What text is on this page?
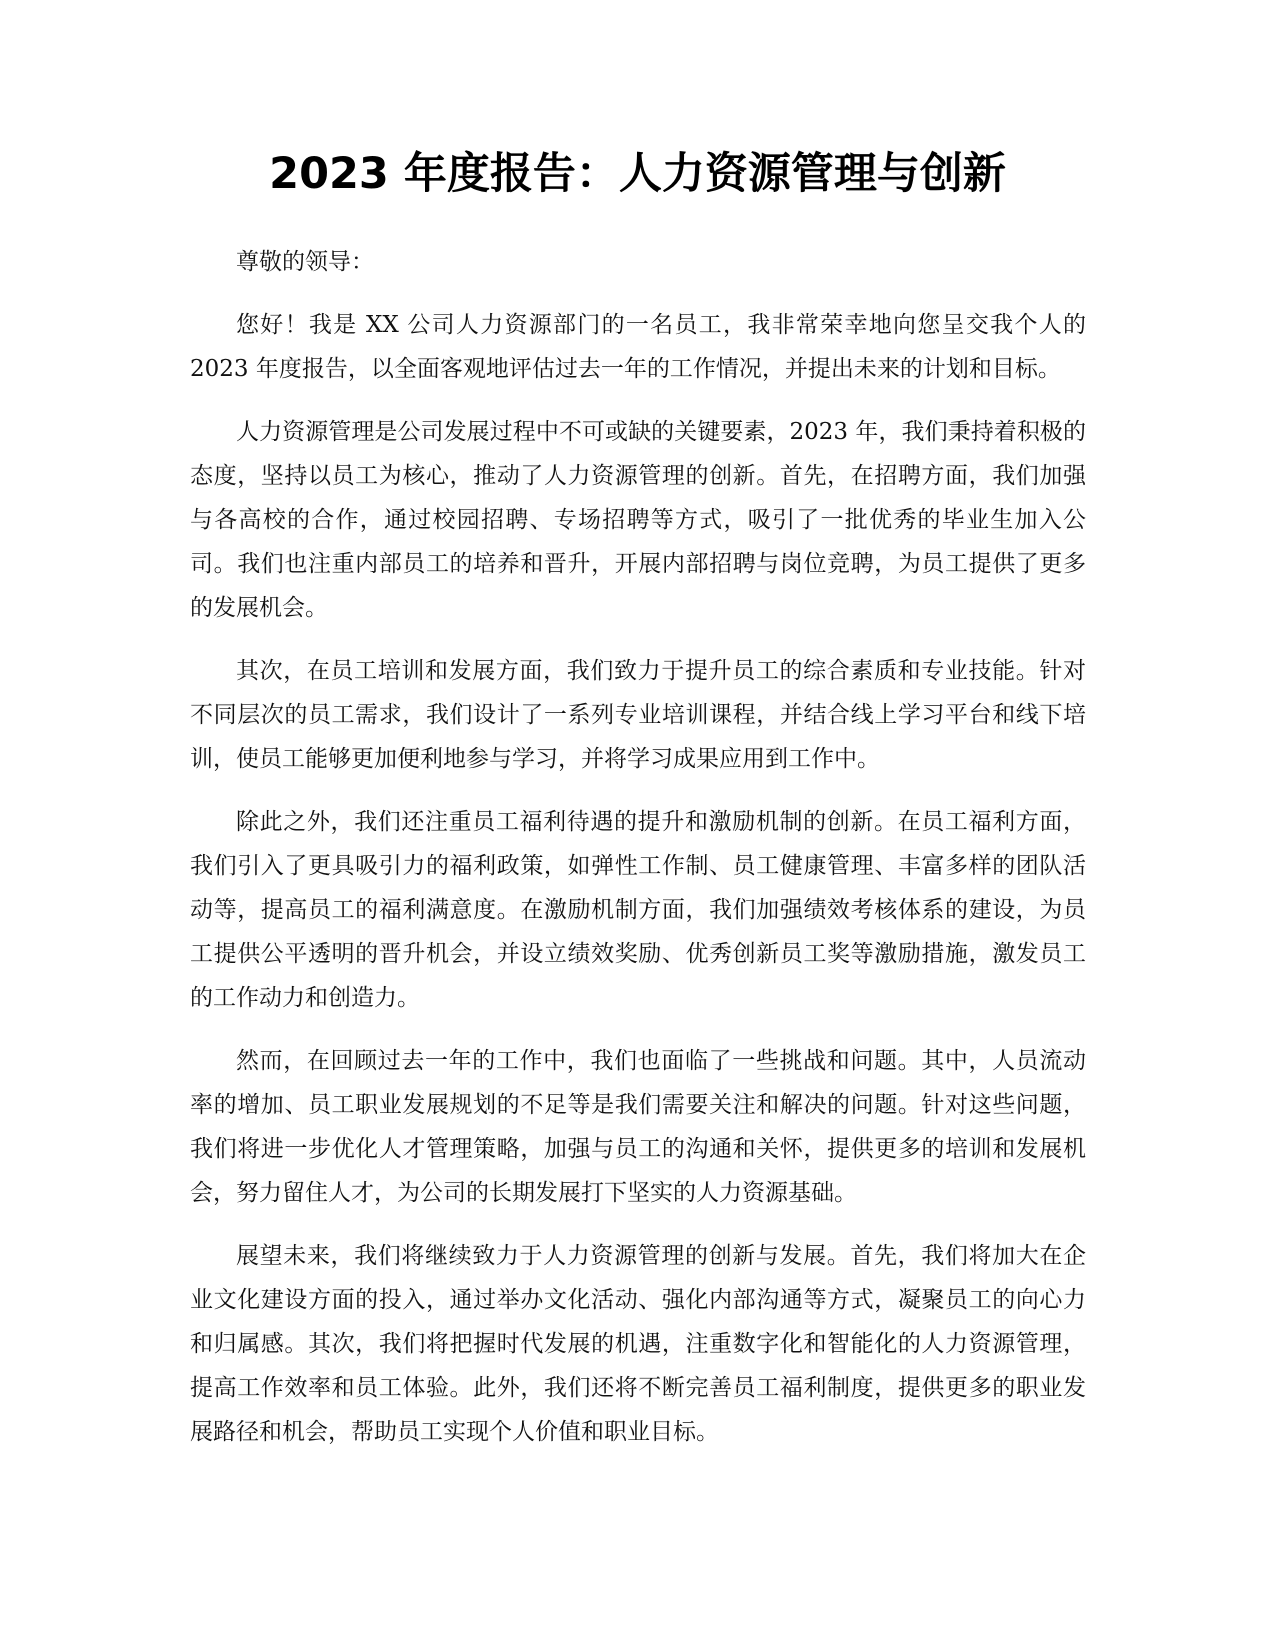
2023 年度报告：人力资源管理与创新

尊敬的领导：

您好！我是 XX 公司人力资源部门的一名员工，我非常荣幸地向您呈交我个人的 2023 年度报告，以全面客观地评估过去一年的工作情况，并提出未来的计划和目标。

人力资源管理是公司发展过程中不可或缺的关键要素，2023 年，我们秉持着积极的态度，坚持以员工为核心，推动了人力资源管理的创新。首先，在招聘方面，我们加强与各高校的合作，通过校园招聘、专场招聘等方式，吸引了一批优秀的毕业生加入公司。我们也注重内部员工的培养和晋升，开展内部招聘与岗位竞聘，为员工提供了更多的发展机会。

其次，在员工培训和发展方面，我们致力于提升员工的综合素质和专业技能。针对不同层次的员工需求，我们设计了一系列专业培训课程，并结合线上学习平台和线下培训，使员工能够更加便利地参与学习，并将学习成果应用到工作中。

除此之外，我们还注重员工福利待遇的提升和激励机制的创新。在员工福利方面，我们引入了更具吸引力的福利政策，如弹性工作制、员工健康管理、丰富多样的团队活动等，提高员工的福利满意度。在激励机制方面，我们加强绩效考核体系的建设，为员工提供公平透明的晋升机会，并设立绩效奖励、优秀创新员工奖等激励措施，激发员工的工作动力和创造力。

然而，在回顾过去一年的工作中，我们也面临了一些挑战和问题。其中，人员流动率的增加、员工职业发展规划的不足等是我们需要关注和解决的问题。针对这些问题，我们将进一步优化人才管理策略，加强与员工的沟通和关怀，提供更多的培训和发展机会，努力留住人才，为公司的长期发展打下坚实的人力资源基础。

展望未来，我们将继续致力于人力资源管理的创新与发展。首先，我们将加大在企业文化建设方面的投入，通过举办文化活动、强化内部沟通等方式，凝聚员工的向心力和归属感。其次，我们将把握时代发展的机遇，注重数字化和智能化的人力资源管理，提高工作效率和员工体验。此外，我们还将不断完善员工福利制度，提供更多的职业发展路径和机会，帮助员工实现个人价值和职业目标。
